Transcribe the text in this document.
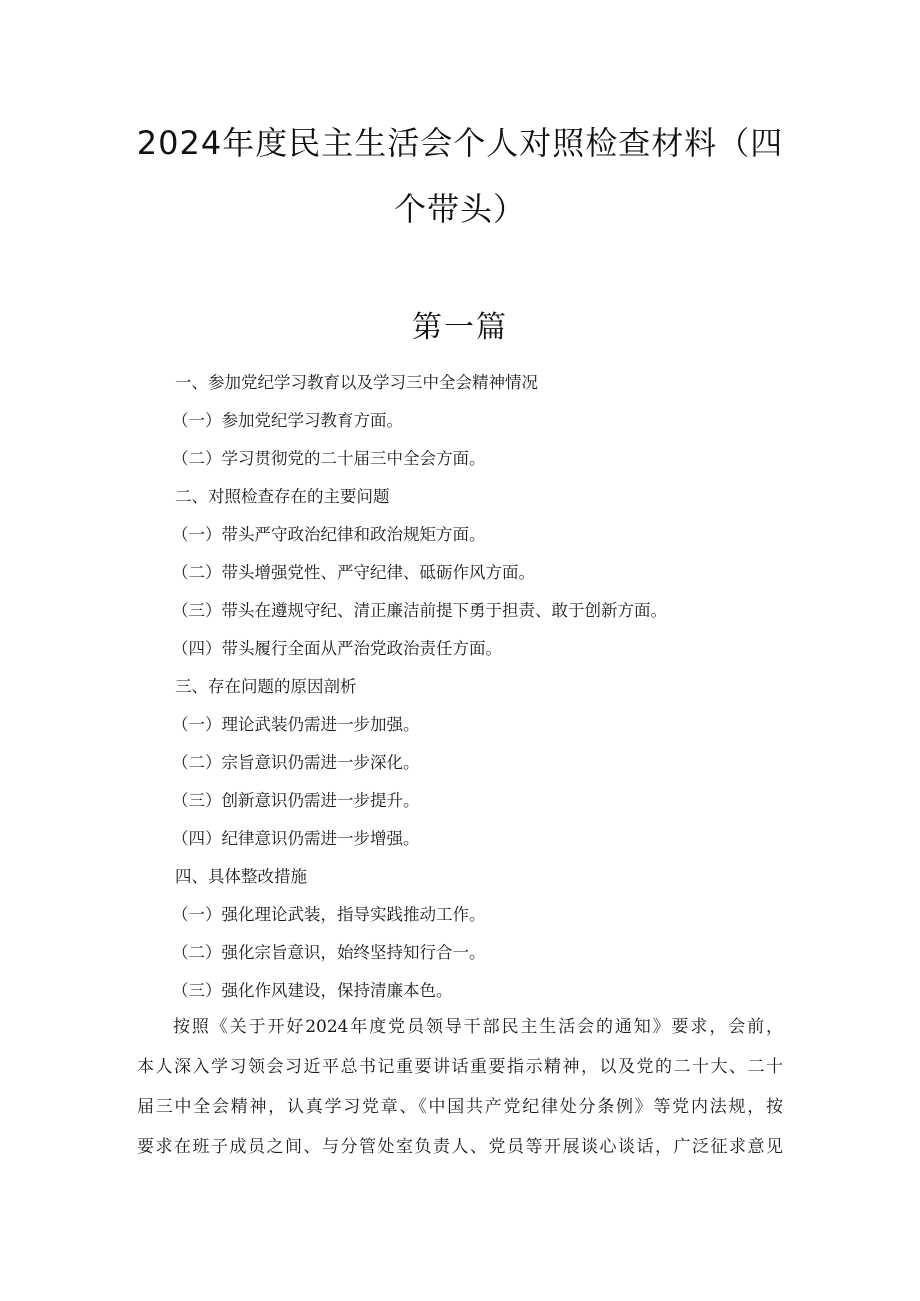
2024年度民主生活会个人对照检查材料（四
个带头）
第一篇
一、参加党纪学习教育以及学习三中全会精神情况
（一）参加党纪学习教育方面。
（二）学习贯彻党的二十届三中全会方面。
二、对照检查存在的主要问题
（一）带头严守政治纪律和政治规矩方面。
（二）带头增强党性、严守纪律、砥砺作风方面。
（三）带头在遵规守纪、清正廉洁前提下勇于担责、敢于创新方面。
（四）带头履行全面从严治党政治责任方面。
三、存在问题的原因剖析
（一）理论武装仍需进一步加强。
（二）宗旨意识仍需进一步深化。
（三）创新意识仍需进一步提升。
（四）纪律意识仍需进一步增强。
四、具体整改措施
（一）强化理论武装，指导实践推动工作。
（二）强化宗旨意识，始终坚持知行合一。
（三）强化作风建设，保持清廉本色。
按照《关于开好2024年度党员领导干部民主生活会的通知》要求，会前，
本人深入学习领会习近平总书记重要讲话重要指示精神，以及党的二十大、二十
届三中全会精神，认真学习党章、《中国共产党纪律处分条例》等党内法规，按
要求在班子成员之间、与分管处室负责人、党员等开展谈心谈话，广泛征求意见
